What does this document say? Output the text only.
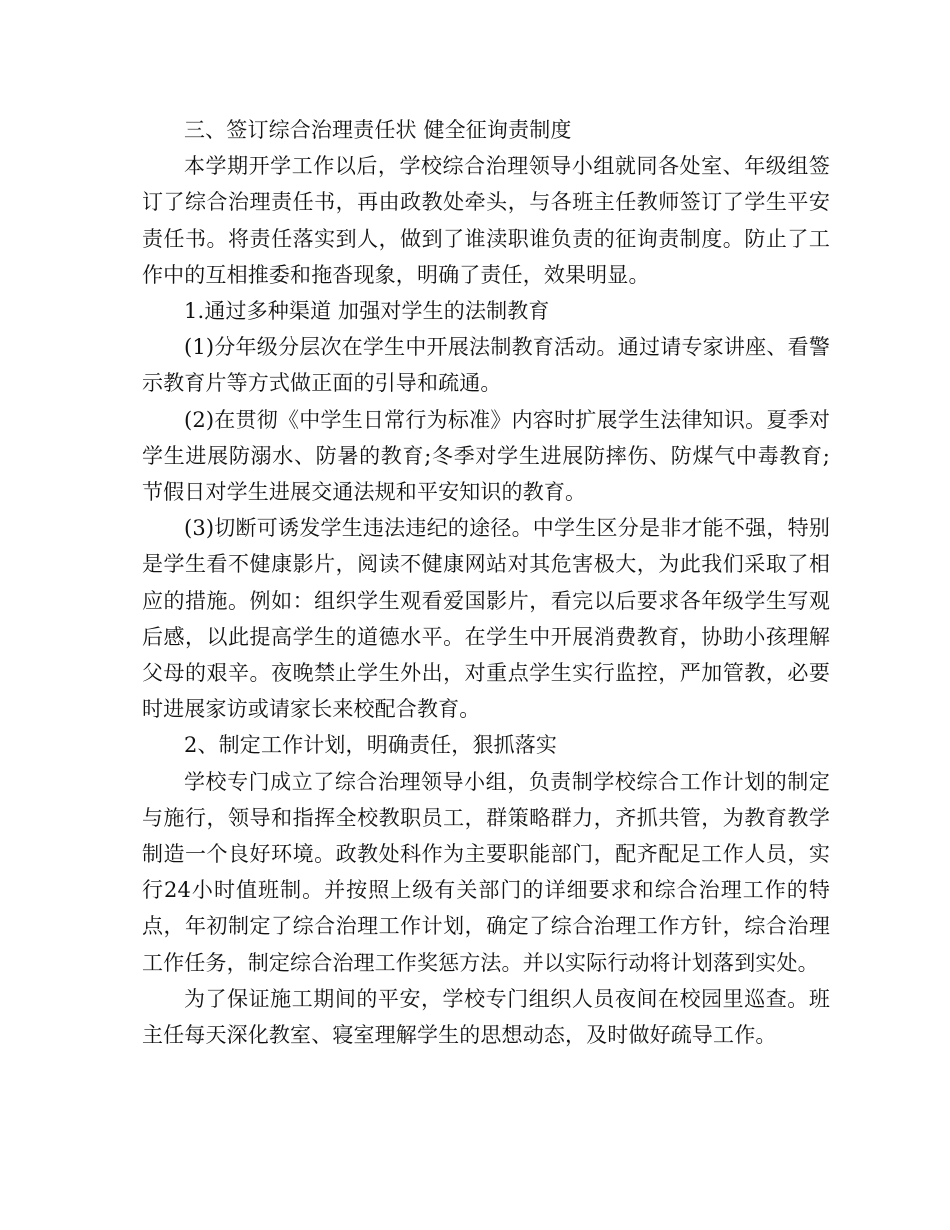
三、签订综合治理责任状 健全征询责制度

本学期开学工作以后，学校综合治理领导小组就同各处室、年级组签订了综合治理责任书，再由政教处牵头，与各班主任教师签订了学生平安责任书。将责任落实到人，做到了谁渎职谁负责的征询责制度。防止了工作中的互相推委和拖沓现象，明确了责任，效果明显。

1.通过多种渠道 加强对学生的法制教育

(1)分年级分层次在学生中开展法制教育活动。通过请专家讲座、看警示教育片等方式做正面的引导和疏通。

(2)在贯彻《中学生日常行为标准》内容时扩展学生法律知识。夏季对学生进展防溺水、防暑的教育;冬季对学生进展防摔伤、防煤气中毒教育;节假日对学生进展交通法规和平安知识的教育。

(3)切断可诱发学生违法违纪的途径。中学生区分是非才能不强，特别是学生看不健康影片，阅读不健康网站对其危害极大，为此我们采取了相应的措施。例如：组织学生观看爱国影片，看完以后要求各年级学生写观后感，以此提高学生的道德水平。在学生中开展消费教育，协助小孩理解父母的艰辛。夜晚禁止学生外出，对重点学生实行监控，严加管教，必要时进展家访或请家长来校配合教育。

2、制定工作计划，明确责任，狠抓落实

学校专门成立了综合治理领导小组，负责制学校综合工作计划的制定与施行，领导和指挥全校教职员工，群策略群力，齐抓共管，为教育教学制造一个良好环境。政教处科作为主要职能部门，配齐配足工作人员，实行24小时值班制。并按照上级有关部门的详细要求和综合治理工作的特点，年初制定了综合治理工作计划，确定了综合治理工作方针，综合治理工作任务，制定综合治理工作奖惩方法。并以实际行动将计划落到实处。

为了保证施工期间的平安，学校专门组织人员夜间在校园里巡查。班主任每天深化教室、寝室理解学生的思想动态，及时做好疏导工作。
